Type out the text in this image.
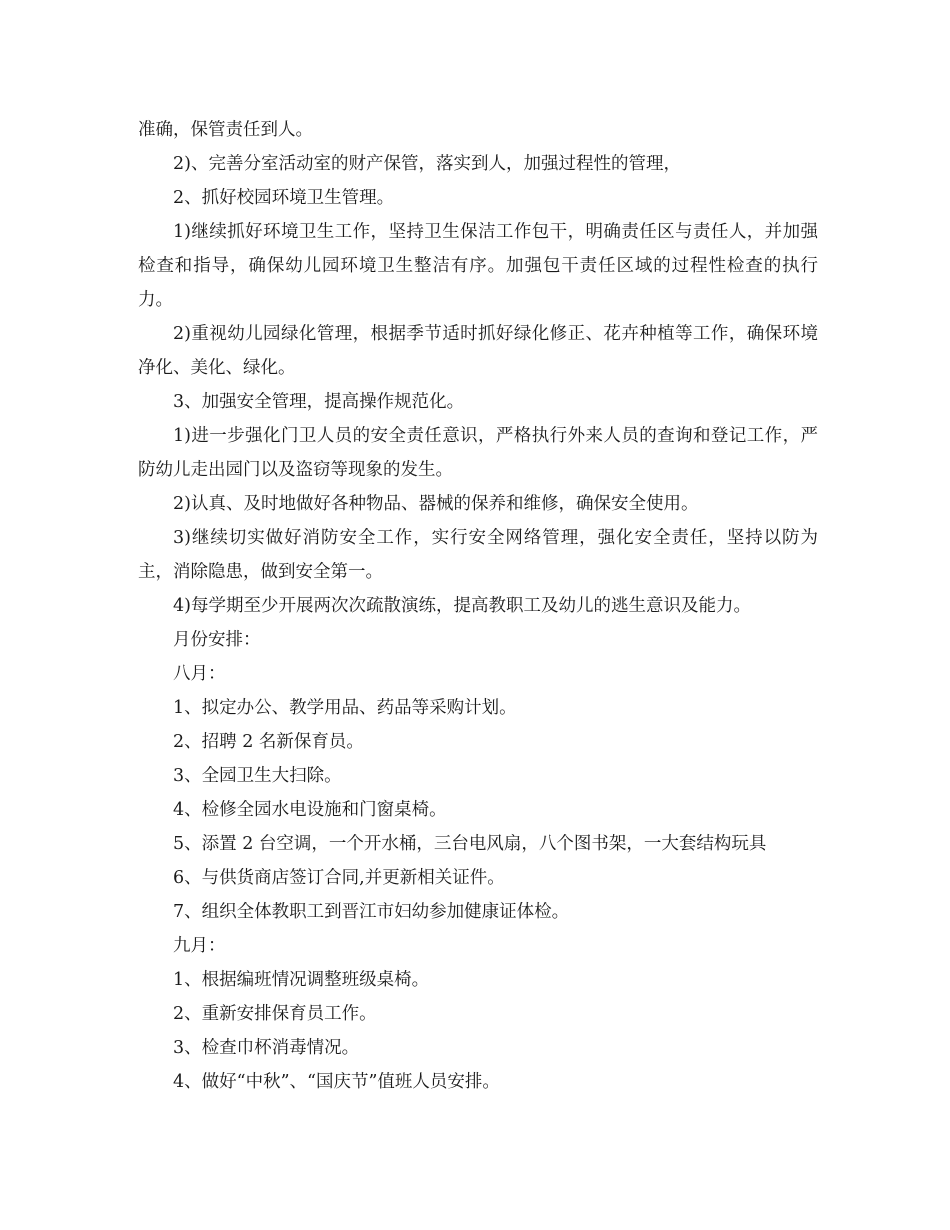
准确，保管责任到人。

2)、完善分室活动室的财产保管，落实到人，加强过程性的管理，

2、抓好校园环境卫生管理。

1)继续抓好环境卫生工作，坚持卫生保洁工作包干，明确责任区与责任人，并加强检查和指导，确保幼儿园环境卫生整洁有序。加强包干责任区域的过程性检查的执行力。

2)重视幼儿园绿化管理，根据季节适时抓好绿化修正、花卉种植等工作，确保环境净化、美化、绿化。

3、加强安全管理，提高操作规范化。

1)进一步强化门卫人员的安全责任意识，严格执行外来人员的查询和登记工作，严防幼儿走出园门以及盗窃等现象的发生。

2)认真、及时地做好各种物品、器械的保养和维修，确保安全使用。

3)继续切实做好消防安全工作，实行安全网络管理，强化安全责任，坚持以防为主，消除隐患，做到安全第一。

4)每学期至少开展两次次疏散演练，提高教职工及幼儿的逃生意识及能力。

月份安排：

八月：

1、拟定办公、教学用品、药品等采购计划。

2、招聘 2 名新保育员。

3、全园卫生大扫除。

4、检修全园水电设施和门窗桌椅。

5、添置 2 台空调，一个开水桶，三台电风扇，八个图书架，一大套结构玩具

6、与供货商店签订合同,并更新相关证件。

7、组织全体教职工到晋江市妇幼参加健康证体检。

九月：

1、根据编班情况调整班级桌椅。

2、重新安排保育员工作。

3、检查巾杯消毒情况。

4、做好“中秋”、“国庆节”值班人员安排。
